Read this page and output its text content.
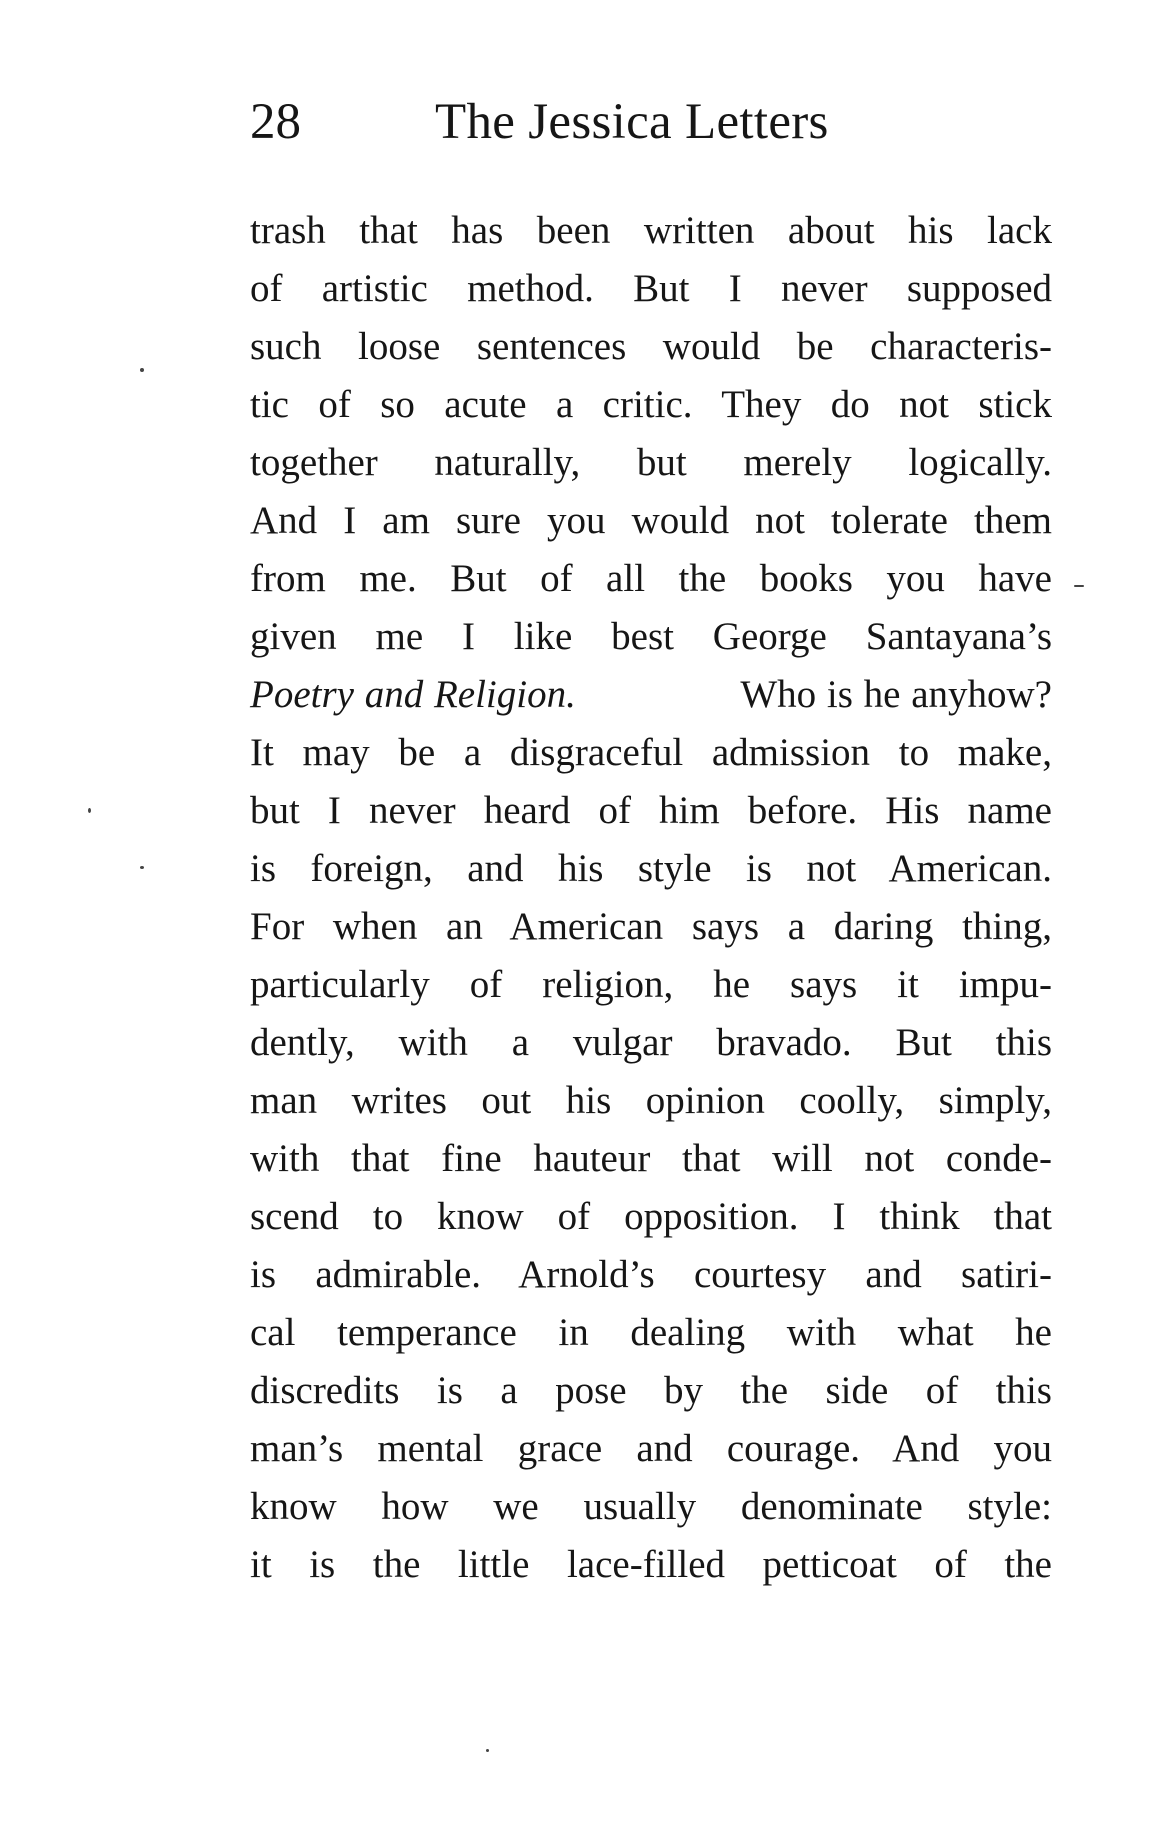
28	The Jessica Letters
trash that has been written about his lack
of artistic method. But I never supposed
such loose sentences would be characteris-
tic of so acute a critic. They do not stick
together naturally, but merely logically.
And I am sure you would not tolerate them
from me. But of all the books you have
given me I like best George Santayana’s
Poetry and Religion.	Who is he anyhow?
It may be a disgraceful admission to make,
but I never heard of him before. His name
is foreign, and his style is not American.
For when an American says a daring thing,
particularly of religion, he says it impu-
dently, with a vulgar bravado. But this
man writes out his opinion coolly, simply,
with that fine hauteur that will not conde-
scend to know of opposition. I think that
is admirable. Arnold’s courtesy and satiri-
cal temperance in dealing with what he
discredits is a pose by the side of this
man’s mental grace and courage. And you
know how we usually denominate style:
it is the little lace-filled petticoat of the
